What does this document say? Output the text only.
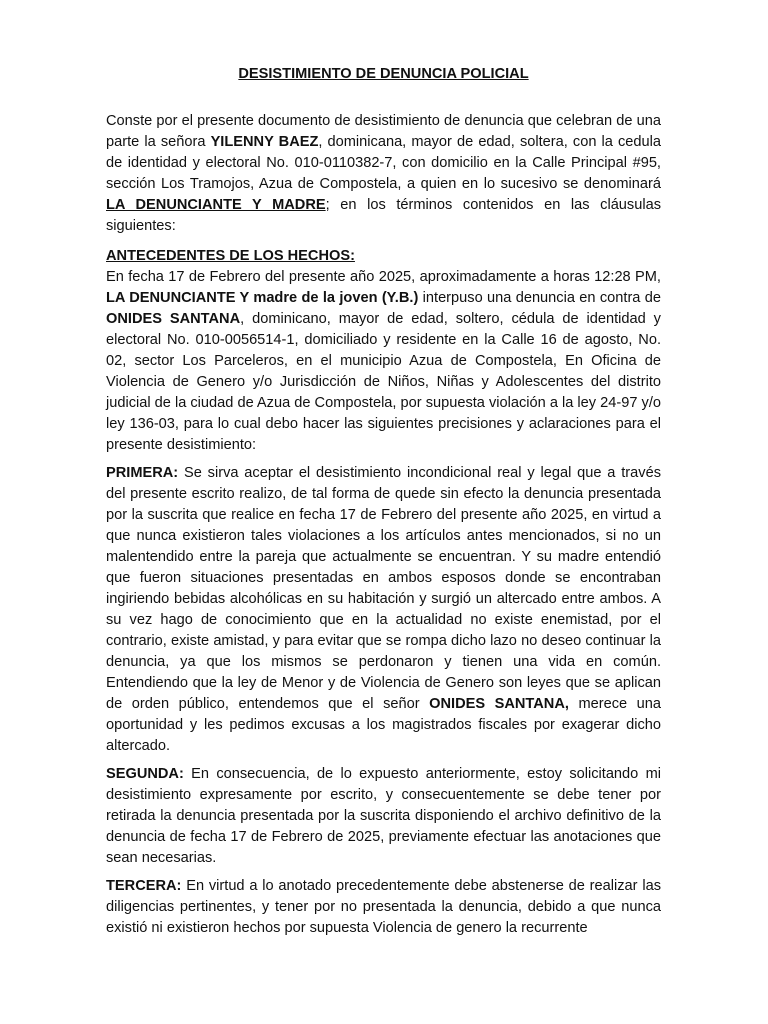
DESISTIMIENTO DE DENUNCIA POLICIAL

Conste por el presente documento de desistimiento de denuncia que celebran de una parte la señora YILENNY BAEZ, dominicana, mayor de edad, soltera, con la cedula de identidad y electoral No. 010-0110382-7, con domicilio en la Calle Principal #95, sección Los Tramojos, Azua de Compostela, a quien en lo sucesivo se denominará LA DENUNCIANTE Y MADRE; en los términos contenidos en las cláusulas siguientes:

ANTECEDENTES DE LOS HECHOS:

En fecha 17 de Febrero del presente año 2025, aproximadamente a horas 12:28 PM, LA DENUNCIANTE Y madre de la joven (Y.B.) interpuso una denuncia en contra de ONIDES SANTANA, dominicano, mayor de edad, soltero, cédula de identidad y electoral No. 010-0056514-1, domiciliado y residente en la Calle 16 de agosto, No. 02, sector Los Parceleros, en el municipio Azua de Compostela, En Oficina de Violencia de Genero y/o Jurisdicción de Niños, Niñas y Adolescentes del distrito judicial de la ciudad de Azua de Compostela, por supuesta violación a la ley 24-97 y/o ley 136-03, para lo cual debo hacer las siguientes precisiones y aclaraciones para el presente desistimiento:

PRIMERA: Se sirva aceptar el desistimiento incondicional real y legal que a través del presente escrito realizo, de tal forma de quede sin efecto la denuncia presentada por la suscrita que realice en fecha 17 de Febrero del presente año 2025, en virtud a que nunca existieron tales violaciones a los artículos antes mencionados, si no un malentendido entre la pareja que actualmente se encuentran. Y su madre entendió que fueron situaciones presentadas en ambos esposos donde se encontraban ingiriendo bebidas alcohólicas en su habitación y surgió un altercado entre ambos. A su vez hago de conocimiento que en la actualidad no existe enemistad, por el contrario, existe amistad, y para evitar que se rompa dicho lazo no deseo continuar la denuncia, ya que los mismos se perdonaron y tienen una vida en común. Entendiendo que la ley de Menor y de Violencia de Genero son leyes que se aplican de orden público, entendemos que el señor ONIDES SANTANA, merece una oportunidad y les pedimos excusas a los magistrados fiscales por exagerar dicho altercado.

SEGUNDA: En consecuencia, de lo expuesto anteriormente, estoy solicitando mi desistimiento expresamente por escrito, y consecuentemente se debe tener por retirada la denuncia presentada por la suscrita disponiendo el archivo definitivo de la denuncia de fecha 17 de Febrero de 2025, previamente efectuar las anotaciones que sean necesarias.

TERCERA: En virtud a lo anotado precedentemente debe abstenerse de realizar las diligencias pertinentes, y tener por no presentada la denuncia, debido a que nunca existió ni existieron hechos por supuesta Violencia de genero la recurrente
